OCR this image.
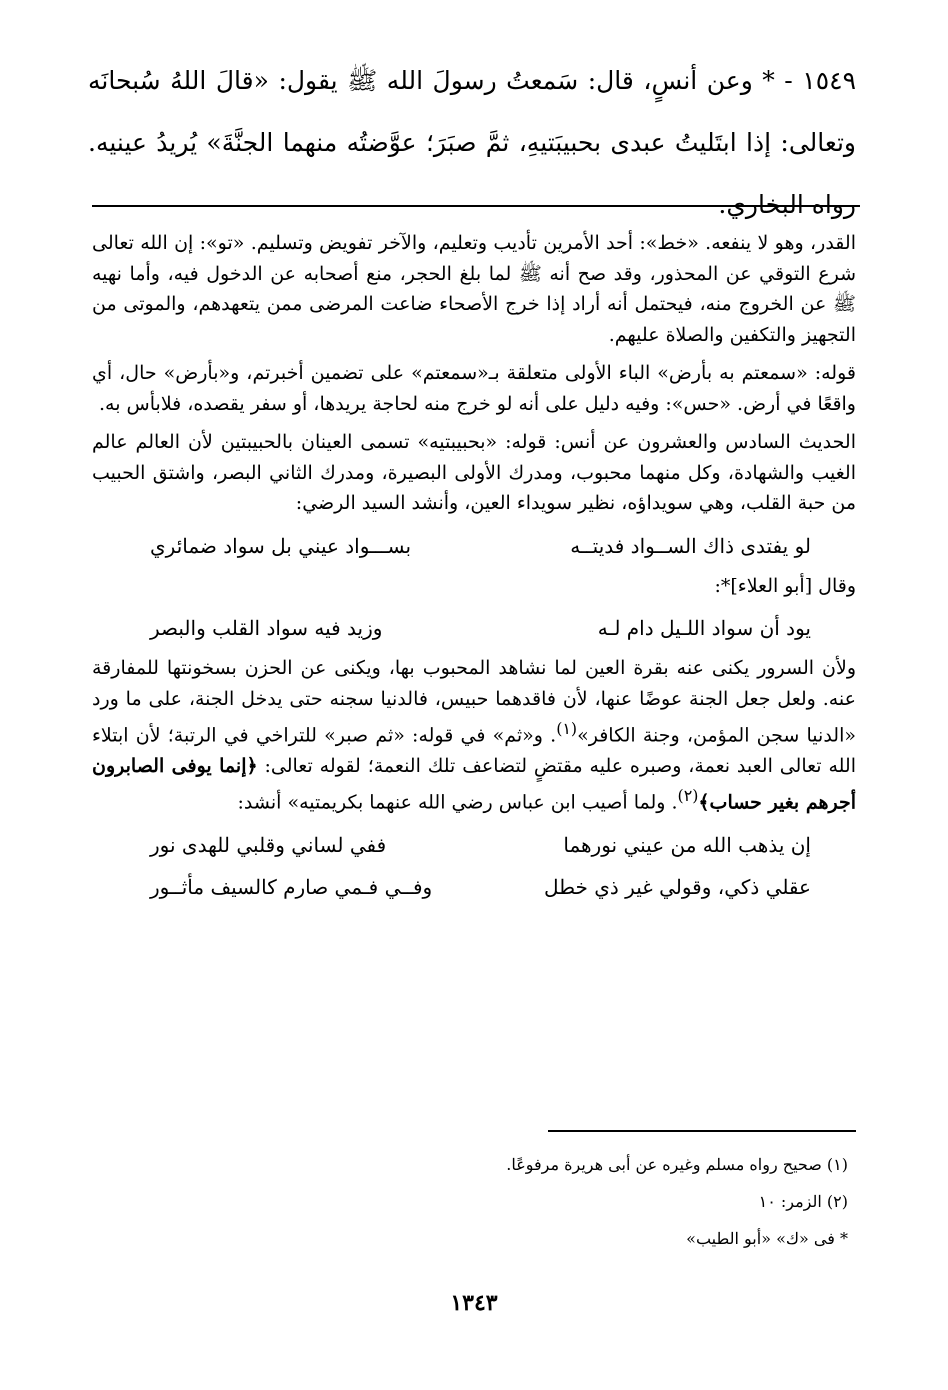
١٥٤٩ - * وعن أنسٍ، قال: سَمعتُ رسولَ الله ﷺ يقول: «قالَ اللهُ سُبحانَه وتعالى: إذا ابتَليتُ عبدى بحبيبَتيهِ، ثمَّ صبَرَ؛ عوَّضتُه منهما الجنَّةَ» يُريدُ عينيه. رواه البخاري.

القدر، وهو لا ينفعه. «خط»: أحد الأمرين تأديب وتعليم، والآخر تفويض وتسليم. «تو»: إن الله تعالى شرع التوقي عن المحذور، وقد صح أنه ﷺ لما بلغ الحجر، منع أصحابه عن الدخول فيه، وأما نهيه ﷺ عن الخروج منه، فيحتمل أنه أراد إذا خرج الأصحاء ضاعت المرضى ممن يتعهدهم، والموتى من التجهيز والتكفين والصلاة عليهم.

قوله: «سمعتم به بأرض» الباء الأولى متعلقة بـ«سمعتم» على تضمين أخبرتم، و«بأرض» حال، أي واقعًا في أرض. «حس»: وفيه دليل على أنه لو خرج منه لحاجة يريدها، أو سفر يقصده، فلابأس به.

الحديث السادس والعشرون عن أنس: قوله: «بحبيبتيه» تسمى العينان بالحبيبتين لأن العالم عالم الغيب والشهادة، وكل منهما محبوب، ومدرك الأولى البصيرة، ومدرك الثاني البصر، واشتق الحبيب من حبة القلب، وهي سويداؤه، نظير سويداء العين، وأنشد السيد الرضي:

لو يفتدى ذاك الســواد فديتــه
بســـواد عيني بل سواد ضمائري

وقال [أبو العلاء]*:

يود أن سواد اللـيل دام لـه
وزيد فيه سواد القلب والبصر

ولأن السرور يكنى عنه بقرة العين لما نشاهد المحبوب بها، ويكنى عن الحزن بسخونتها للمفارقة عنه. ولعل جعل الجنة عوضًا عنها، لأن فاقدهما حبيس، فالدنيا سجنه حتى يدخل الجنة، على ما ورد «الدنيا سجن المؤمن، وجنة الكافر»$^{(١)}$. و«ثم» في قوله: «ثم صبر» للتراخي في الرتبة؛ لأن ابتلاء الله تعالى العبد نعمة، وصبره عليه مقتضٍ لتضاعف تلك النعمة؛ لقوله تعالى: ﴿إنما يوفى الصابرون أجرهم بغير حساب﴾$^{(٢)}$. ولما أصيب ابن عباس رضي الله عنهما بكريمتيه» أنشد:

إن يذهب الله من عيني نورهما
ففي لساني وقلبي للهدى نور
عقلي ذكي، وقولي غير ذي خطل
وفــي فـمي صارم كالسيف مأثــور
(١) صحيح رواه مسلم وغيره عن أبى هريرة مرفوعًا.
(٢) الزمر: ١٠
* فى «ك» «أبو الطيب»
١٣٤٣
